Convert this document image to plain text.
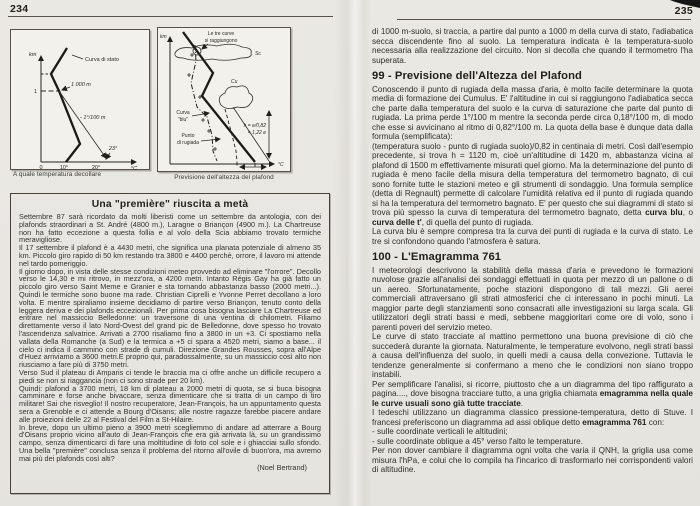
234
km
°C
0	10°	20°
1
Curva di stato
1 000 m
- 1°/100 m
23°
A quale temperatura decollare
km
°C
Le tre curve
si raggiungono
Sc
Cu
Curva
"blu"
Punto
di rugiada
h = e/0,82
= 1,22 e
Previsione dell'altezza del plafond
Una "première" riuscita a metà

Settembre 87 sarà ricordato da molti liberisti come un settembre da antologia, con dei plafonds straordinari a St. André (4800 m.), Laragne o Briançon (4900 m.). La Chartreuse non ha fatto eccezione a questa follia e al volo della Scia abbiamo trovato termiche meravigliose.

Il 17 settembre il plafond è a 4430 metri, che significa una planata potenziale di almeno 35 km. Piccolo giro rapido di 50 km restando tra 3800 e 4400 perchè, orrore, il lavoro mi attende nel tardo pomeriggio.

Il giorno dopo, in vista delle stesse condizioni meteo provvedo ad eliminare "l'orrore". Decollo verso le 14,30 e mi ritrovo, in mezz'ora, a 4200 metri. Intanto Régis Gay ha già fatto un piccolo giro verso Saint Meme e Granier e sta tornando abbastanza basso (2000 metri...). Quindi le termiche sono buone ma rade. Christian Ciprelli e Yvonne Perret decollano a loro volta. E mentre spiraliamo insieme decidiamo di partire verso Briançon, tenuto conto della leggera deriva e dei plafonds eccezionali. Per prima cosa bisogna lasciare La Chartreuse ed entrare nel massiccio Belledonne: un traversone di una ventina di chilometri. Filiamo direttamente verso il lato Nord-Ovest del grand pic de Belledonne, dove spesso ho trovato l'ascendenza salvatrice. Arrivati a 2700 risaliamo fino a 3800 in un +3. Ci spostiamo nella vallata della Romanche (a Sud) e la termica a +5 ci spara a 4520 metri, siamo a base... il cielo ci indica il cammino con strade di cumuli. Direzione Grandes Rousses, sopra all'Alpe d'Huez arriviamo a 3600 metri.E proprio qui, paradossalmente, su un massiccio così alto non riusciamo a fare più di 3750 metri.

Verso Sud il plateau di Amparis ci tende le braccia ma ci offre anche un difficile recupero a piedi se non si riaggancia (non ci sono strade per 20 km).

Quindi: plafond a 3700 metri, 18 km di plateau a 2000 metri di quota, se si buca bisogna camminare e forse anche bivaccare, senza dimenticare che si tratta di un campo di tiro militare! Sai che risveglio! Il nostro recuperatore, Jean-François, ha un appuntamento questa sera a Grenoble e ci attende a Bourg d'Oisans; alle nostre ragazze farebbe piacere andare alle proiezioni delle 22 al Festival del Film a St-Hilaire.

In breve, dopo un ultimo pieno a 3900 metri scegliemmo di andare ad atterrare a Bourg d'Oisans proprio vicino all'auto di Jean-François che era già arrivata là, su un grandissimo campo, senza dimenticarci di fare una moltitudine di foto col sole e i ghiacciai sullo sfondo. Una bella "première" conclusa senza il problema del ritorno all'ovile di buon'ora, ma avremo mai più dei plafonds così alti?

(Noel Bertrand)
235

di 1000 m-suolo, si traccia, a partire dal punto a 1000 m della curva di stato, l'adiabatica secca discendente fino al suolo. La temperatura indicata è la temperatura-suolo necessaria alla realizzazione del circuito. Non si decolla che quando il termometro l'ha superata.

99 - Previsione dell'Altezza del Plafond

Conoscendo il punto di rugiada della massa d'aria, è molto facile determinare la quota media di formazione dei Cumulus. E' l'altitudine in cui si raggiungono l'adiabatica secca che parte dalla temperatura del suolo e la curva di saturazione che parte dal punto di rugiada. La prima perde 1°/100 m mentre la seconda perde circa 0,18°/100 m, di modo che esse si avvicinano al ritmo di 0,82°/100 m. La quota della base è dunque data dalla formula (semplificata):

(temperatura suolo - punto di rugiada suolo)/0,82 in centinaia di metri. Così dall'esempio precedente, si trova h = 1120 m, cioè un'altitudine di 1420 m, abbastanza vicina al plafond di 1500 m effettivamente misurati quel giorno. Ma la determinazione del punto di rugiada è meno facile della misura della temperatura del termometro bagnato, di cui sono fornite tutte le stazioni meteo e gli strumenti di sondaggio. Una formula semplice (detta di Regnault) permette di calcolare l'umidità relativa ed il punto di rugiada quando si ha la temperatura del termometro bagnato. E' per questo che sui diagrammi di stato si trova più spesso la curva di temperatura del termometro bagnato, detta curva blu, o curva delle t', di quella del punto di rugiada.

La curva blu è sempre compresa tra la curva dei punti di rugiada e la curva di stato. Le tre si confondono quando l'atmosfera è satura.

100 - L'Emagramma 761

I meteorologi descrivono la stabilità della massa d'aria e prevedono le formazioni nuvolose grazie all'analisi dei sondaggi effettuati in quota per mezzo di un pallone o di un aereo. Sfortunatamente, poche stazioni dispongono di tali mezzi. Gli aerei commerciali attraversano gli strati atmosferici che ci interessano in pochi minuti. La maggior parte degli stanziamenti sono consacrati alle investigazioni su larga scala. Gli utilizzatori degli strati bassi e medi, sebbene maggioritari come ore di volo, sono i parenti poveri del servizio meteo.

Le curve di stato tracciate al mattino permettono una buona previsione di ciò che succederà durante la giornata. Naturalmente, le temperature evolvono, negli strati bassi a causa dell'influenza del suolo, in quelli medi a causa della convezione. Tuttavia le tendenze generalmente si confermano a meno che le condizioni non siano troppo instabili.

Per semplificare l'analisi, si ricorre, piuttosto che a un diagramma del tipo raffigurato a pagina...., dove bisogna tracciare tutto, a una griglia chiamata emagramma nella quale le curve usuali sono già tutte tracciate.

I tedeschi utilizzano un diagramma classico pressione-temperatura, detto di Stuve. I francesi preferiscono un diagramma ad assi oblique detto emagramma 761 con:

- sulle coordinate verticali le altitudini;

- sulle coordinate oblique a 45° verso l'alto le temperature.

Per non dover cambiare il diagramma ogni volta che varia il QNH, la griglia usa come misura l'hPa, e colui che lo compila ha l'incarico di trasformarlo nei corrispondenti valori di altitudine.
